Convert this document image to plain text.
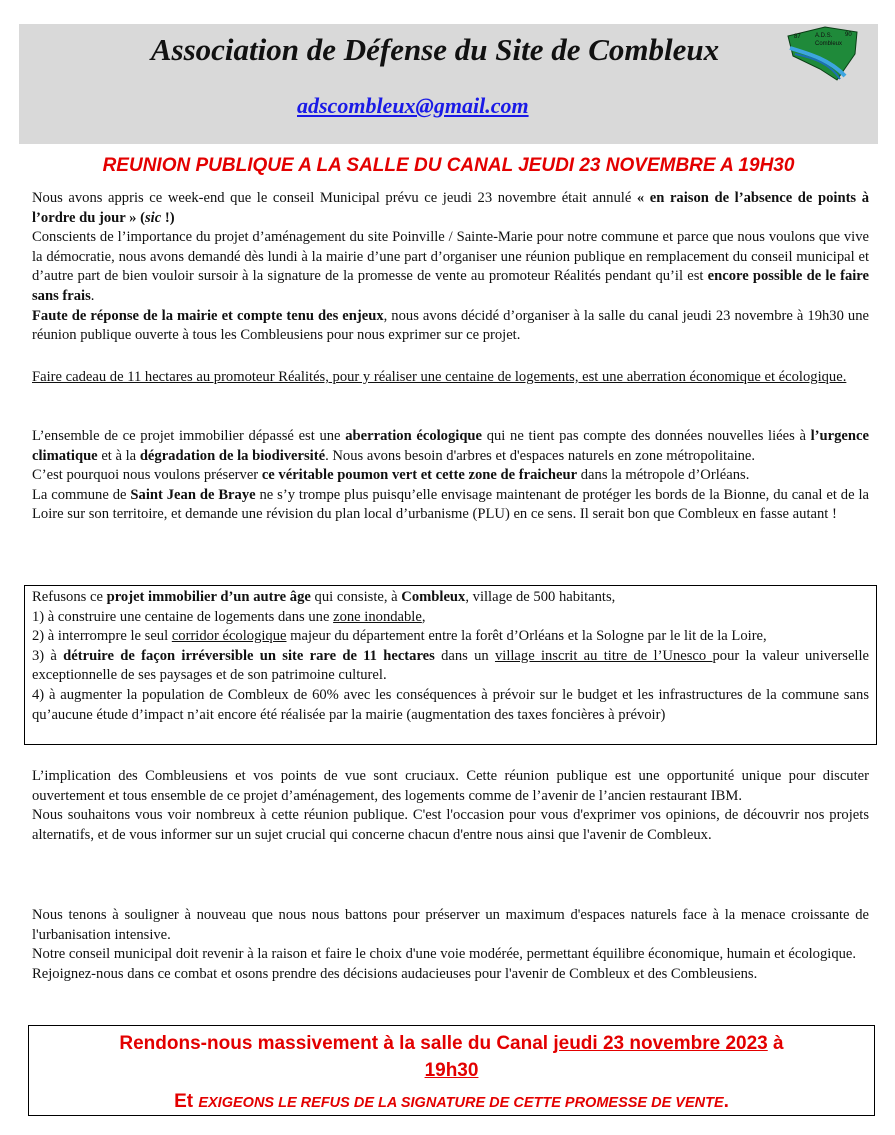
Association de Défense du Site de Combleux
adscombleux@gmail.com
A.D.S.
87	90
Combleux
REUNION PUBLIQUE A LA SALLE DU CANAL JEUDI 23 NOVEMBRE A 19H30

Nous avons appris ce week-end que le conseil Municipal prévu ce jeudi 23 novembre était annulé « en raison de l’absence de points à l’ordre du jour » (sic !)

Conscients de l’importance du projet d’aménagement du site Poinville / Sainte-Marie pour notre commune et parce que nous voulons que vive la démocratie, nous avons demandé dès lundi à la mairie d’une part d’organiser une réunion publique en remplacement du conseil municipal et d’autre part de bien vouloir sursoir à la signature de la promesse de vente au promoteur Réalités pendant qu’il est encore possible de le faire sans frais.

Faute de réponse de la mairie et compte tenu des enjeux, nous avons décidé d’organiser à la salle du canal jeudi 23 novembre à 19h30 une réunion publique ouverte à tous les Combleusiens pour nous exprimer sur ce projet.

Faire cadeau de 11 hectares au promoteur Réalités, pour y réaliser une centaine de logements, est une aberration économique et écologique.

L’ensemble de ce projet immobilier dépassé est une aberration écologique qui ne tient pas compte des données nouvelles liées à l’urgence climatique et à la dégradation de la biodiversité. Nous avons besoin d'arbres et d'espaces naturels en zone métropolitaine.

C’est pourquoi nous voulons préserver ce véritable poumon vert et cette zone de fraicheur dans la métropole d’Orléans.

La commune de Saint Jean de Braye ne s’y trompe plus puisqu’elle envisage maintenant de protéger les bords de la Bionne, du canal et de la Loire sur son territoire, et demande une révision du plan local d’urbanisme (PLU) en ce sens. Il serait bon que Combleux en fasse autant !

Refusons ce projet immobilier d’un autre âge qui consiste, à Combleux, village de 500 habitants,

1) à construire une centaine de logements dans une zone inondable,

2) à interrompre le seul corridor écologique majeur du département entre la forêt d’Orléans et la Sologne par le lit de la Loire,

3) à détruire de façon irréversible un site rare de 11 hectares dans un village inscrit au titre de l’Unesco pour la valeur universelle exceptionnelle de ses paysages et de son patrimoine culturel.

4) à augmenter la population de Combleux de 60% avec les conséquences à prévoir sur le budget et les infrastructures de la commune sans qu’aucune étude d’impact n’ait encore été réalisée par la mairie (augmentation des taxes foncières à prévoir)

L’implication des Combleusiens et vos points de vue sont cruciaux. Cette réunion publique est une opportunité unique pour discuter ouvertement et tous ensemble de ce projet d’aménagement, des logements comme de l’avenir de l’ancien restaurant IBM.

Nous souhaitons vous voir nombreux à cette réunion publique. C'est l'occasion pour vous d'exprimer vos opinions, de découvrir nos projets alternatifs, et de vous informer sur un sujet crucial qui concerne chacun d'entre nous ainsi que l'avenir de Combleux.

Nous tenons à souligner à nouveau que nous nous battons pour préserver un maximum d'espaces naturels face à la menace croissante de l'urbanisation intensive.

Notre conseil municipal doit revenir à la raison et faire le choix d'une voie modérée, permettant équilibre économique, humain et écologique.

Rejoignez-nous dans ce combat et osons prendre des décisions audacieuses pour l'avenir de Combleux et des Combleusiens.

Rendons-nous massivement à la salle du Canal jeudi 23 novembre 2023 à
19h30
Et EXIGEONS LE REFUS DE LA SIGNATURE DE CETTE PROMESSE DE VENTE.
